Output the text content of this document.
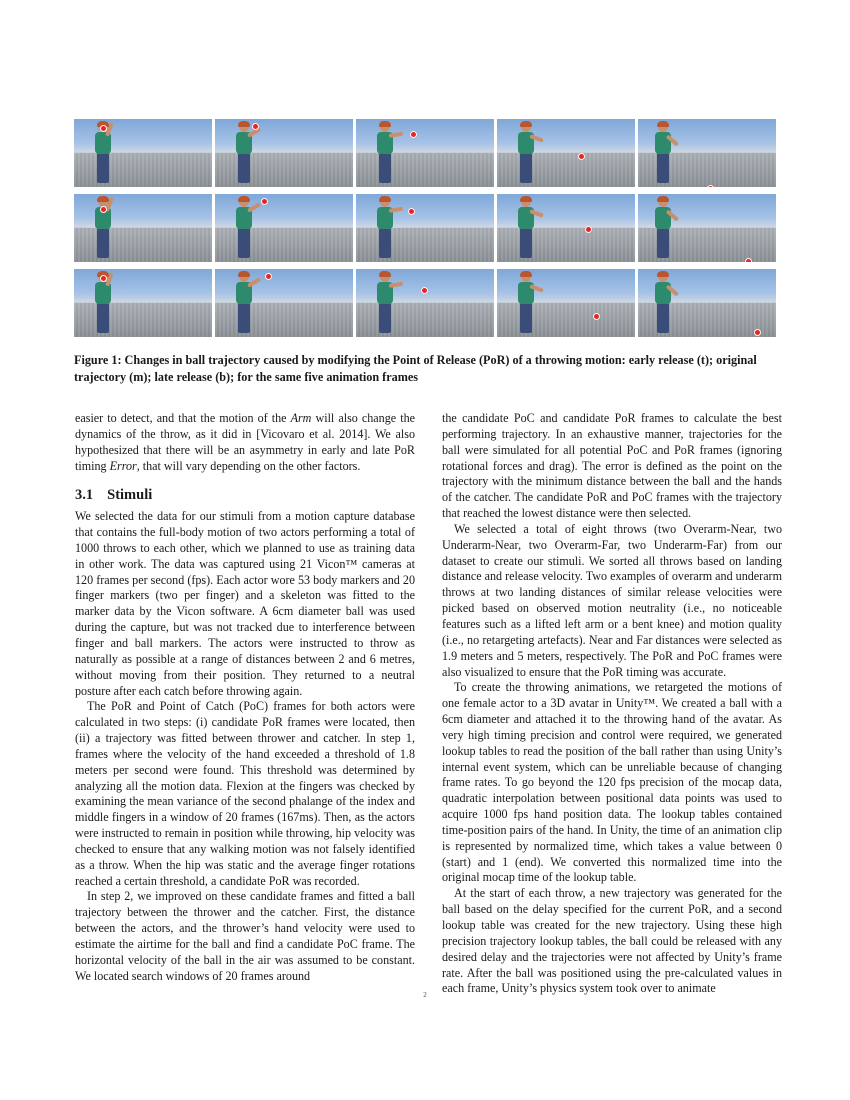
Figure 1: Changes in ball trajectory caused by modifying the Point of Release (PoR) of a throwing motion: early release (t); original trajectory (m); late release (b); for the same five animation frames

easier to detect, and that the motion of the Arm will also change the dynamics of the throw, as it did in [Vicovaro et al. 2014]. We also hypothesized that there will be an asymmetry in early and late PoR timing Error, that will vary depending on the other factors.

3.1 Stimuli

We selected the data for our stimuli from a motion capture database that contains the full-body motion of two actors performing a total of 1000 throws to each other, which we planned to use as training data in other work. The data was captured using 21 Vicon™ cameras at 120 frames per second (fps). Each actor wore 53 body markers and 20 finger markers (two per finger) and a skeleton was fitted to the marker data by the Vicon software. A 6cm diameter ball was used during the capture, but was not tracked due to interference between finger and ball markers. The actors were instructed to throw as naturally as possible at a range of distances between 2 and 6 metres, without moving from their position. They returned to a neutral posture after each catch before throwing again.

The PoR and Point of Catch (PoC) frames for both actors were calculated in two steps: (i) candidate PoR frames were located, then (ii) a trajectory was fitted between thrower and catcher. In step 1, frames where the velocity of the hand exceeded a threshold of 1.8 meters per second were found. This threshold was determined by analyzing all the motion data. Flexion at the fingers was checked by examining the mean variance of the second phalange of the index and middle fingers in a window of 20 frames (167ms). Then, as the actors were instructed to remain in position while throwing, hip velocity was checked to ensure that any walking motion was not falsely identified as a throw. When the hip was static and the average finger rotations reached a certain threshold, a candidate PoR was recorded.

In step 2, we improved on these candidate frames and fitted a ball trajectory between the thrower and the catcher. First, the distance between the actors, and the thrower’s hand velocity were used to estimate the airtime for the ball and find a candidate PoC frame. The horizontal velocity of the ball in the air was assumed to be constant. We located search windows of 20 frames around

the candidate PoC and candidate PoR frames to calculate the best performing trajectory. In an exhaustive manner, trajectories for the ball were simulated for all potential PoC and PoR frames (ignoring rotational forces and drag). The error is defined as the point on the trajectory with the minimum distance between the ball and the hands of the catcher. The candidate PoR and PoC frames with the trajectory that reached the lowest distance were then selected.

We selected a total of eight throws (two Overarm-Near, two Underarm-Near, two Overarm-Far, two Underarm-Far) from our dataset to create our stimuli. We sorted all throws based on landing distance and release velocity. Two examples of overarm and underarm throws at two landing distances of similar release velocities were picked based on observed motion neutrality (i.e., no noticeable features such as a lifted left arm or a bent knee) and motion quality (i.e., no retargeting artefacts). Near and Far distances were selected as 1.9 meters and 5 meters, respectively. The PoR and PoC frames were also visualized to ensure that the PoR timing was accurate.

To create the throwing animations, we retargeted the motions of one female actor to a 3D avatar in Unity™. We created a ball with a 6cm diameter and attached it to the throwing hand of the avatar. As very high timing precision and control were required, we generated lookup tables to read the position of the ball rather than using Unity’s internal event system, which can be unreliable because of changing frame rates. To go beyond the 120 fps precision of the mocap data, quadratic interpolation between positional data points was used to acquire 1000 fps hand position data. The lookup tables contained time-position pairs of the hand. In Unity, the time of an animation clip is represented by normalized time, which takes a value between 0 (start) and 1 (end). We converted this normalized time into the original mocap time of the lookup table.

At the start of each throw, a new trajectory was generated for the ball based on the delay specified for the current PoR, and a second lookup table was created for the new trajectory. Using these high precision trajectory lookup tables, the ball could be released with any desired delay and the trajectories were not affected by Unity’s frame rate. After the ball was positioned using the pre-calculated values in each frame, Unity’s physics system took over to animate

2
